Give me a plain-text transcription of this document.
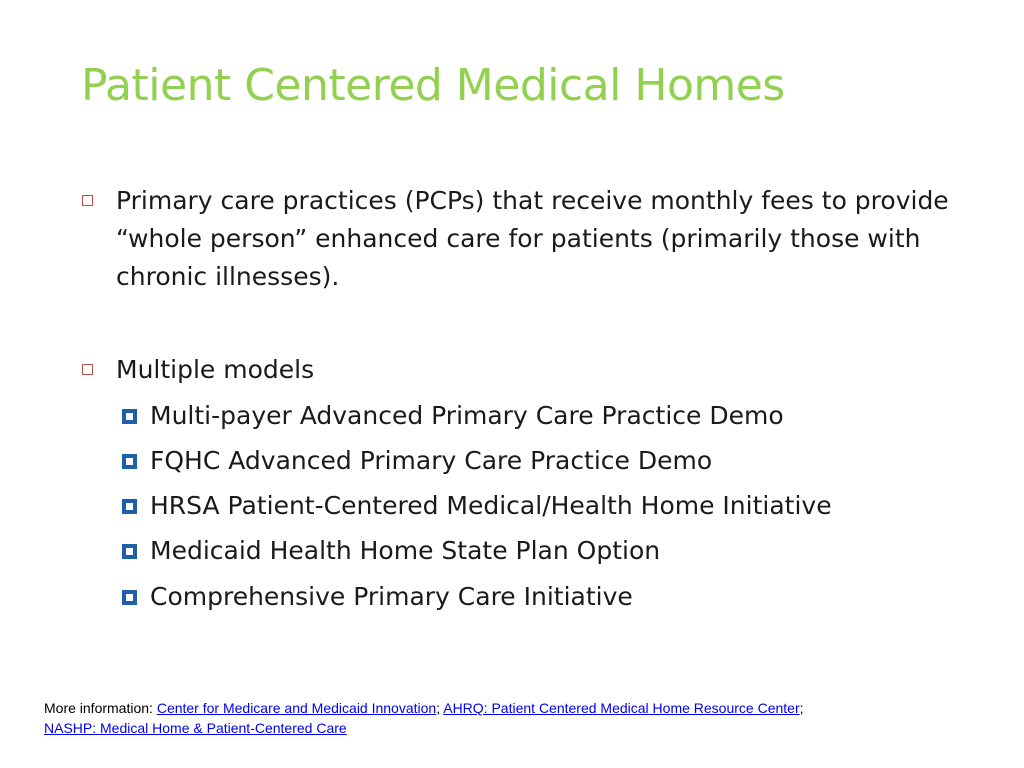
Patient Centered Medical Homes
Primary care practices (PCPs) that receive monthly fees to provide “whole person” enhanced care for patients (primarily those with chronic illnesses).
Multiple models
Multi-payer Advanced Primary Care Practice Demo
FQHC Advanced Primary Care Practice Demo
HRSA Patient-Centered Medical/Health Home Initiative
Medicaid Health Home State Plan Option
Comprehensive Primary Care Initiative
More information: Center for Medicare and Medicaid Innovation; AHRQ: Patient Centered Medical Home Resource Center;
NASHP: Medical Home & Patient-Centered Care
